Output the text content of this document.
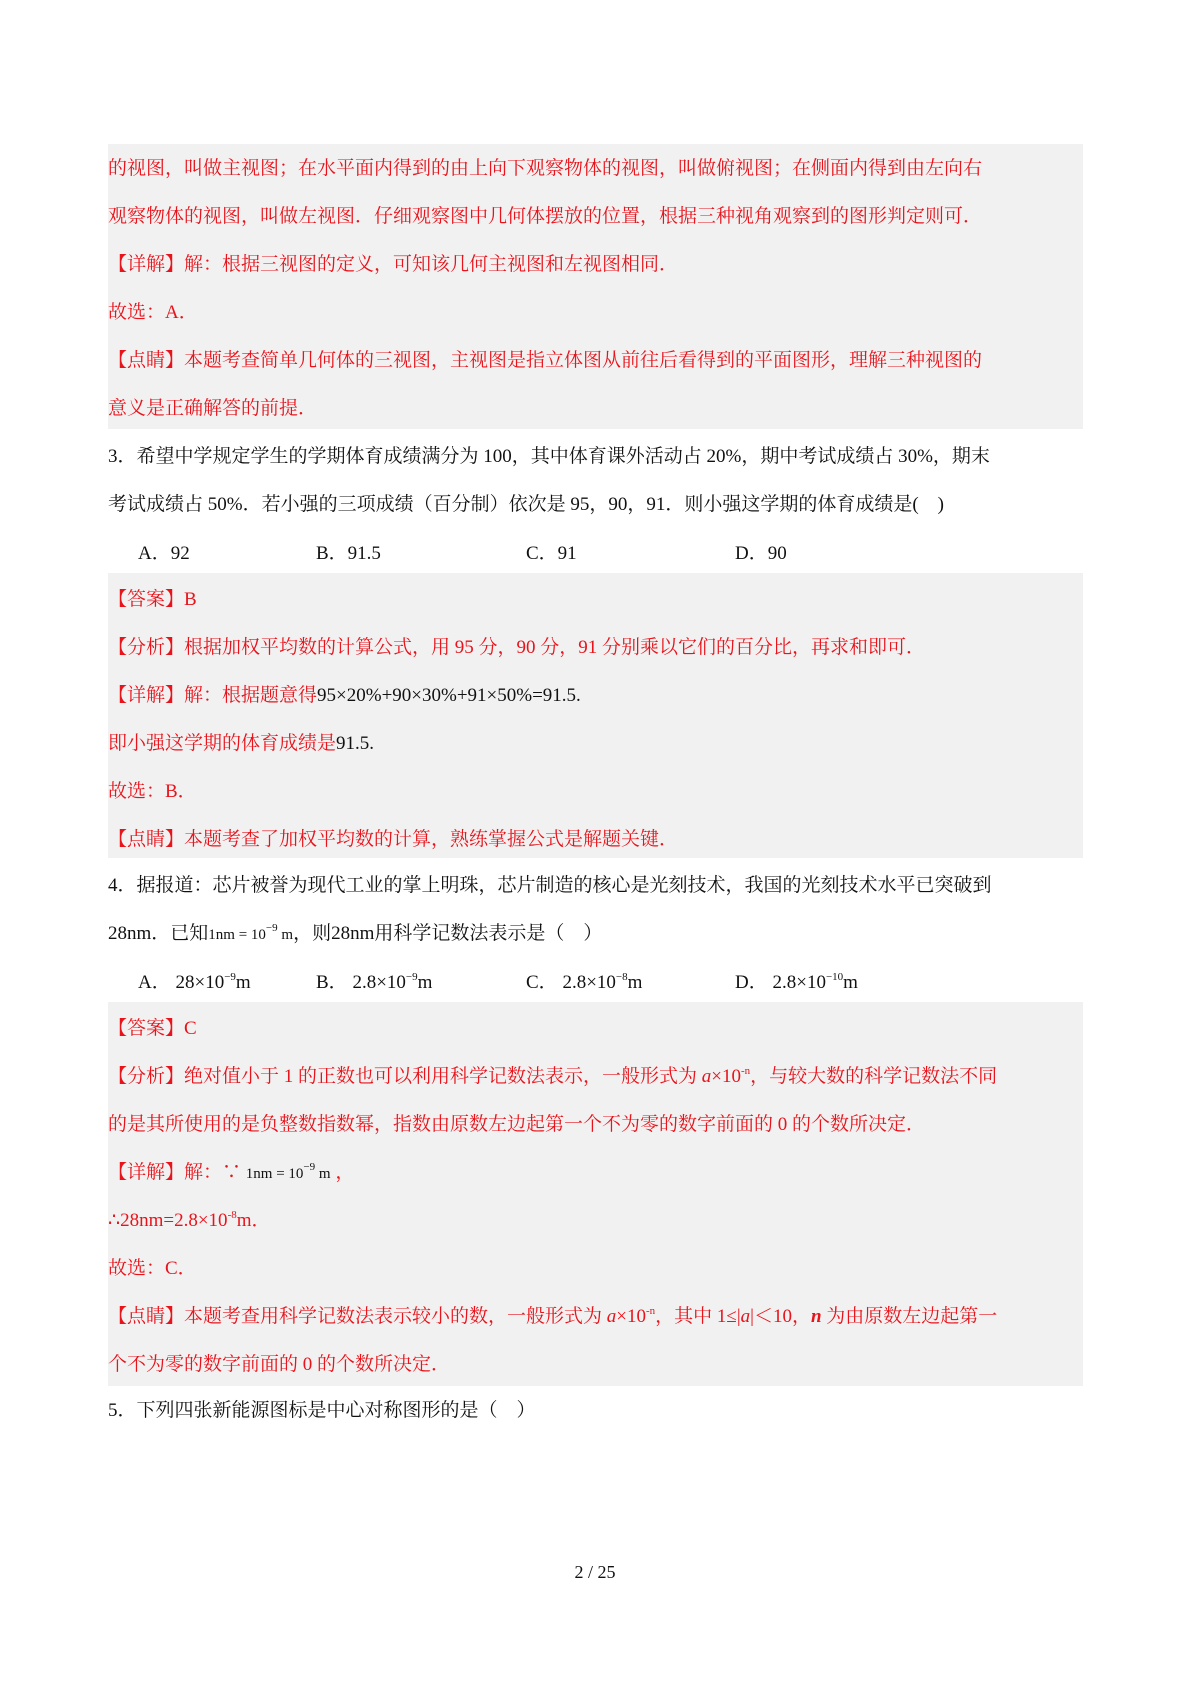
的视图，叫做主视图；在水平面内得到的由上向下观察物体的视图，叫做俯视图；在侧面内得到由左向右
观察物体的视图，叫做左视图．仔细观察图中几何体摆放的位置，根据三种视角观察到的图形判定则可．
【详解】解：根据三视图的定义，可知该几何主视图和左视图相同．
故选：A．
【点睛】本题考查简单几何体的三视图，主视图是指立体图从前往后看得到的平面图形，理解三种视图的
意义是正确解答的前提．
3．希望中学规定学生的学期体育成绩满分为 100，其中体育课外活动占 20%，期中考试成绩占 30%，期末
考试成绩占 50%．若小强的三项成绩（百分制）依次是 95，90，91．则小强这学期的体育成绩是(　)
A．92	B．91.5	C．91	D．90
【答案】B
【分析】根据加权平均数的计算公式，用 95 分，90 分，91 分别乘以它们的百分比，再求和即可．
【详解】解：根据题意得95×20%+90×30%+91×50%=91.5.
即小强这学期的体育成绩是91.5.
故选：B．
【点睛】本题考查了加权平均数的计算，熟练掌握公式是解题关键．
4．据报道：芯片被誉为现代工业的掌上明珠，芯片制造的核心是光刻技术，我国的光刻技术水平已突破到
28nm．已知$1nm = 10^{-9}$ m，则28nm用科学记数法表示是（　）
A． $28\times 10^{-9}m$	B． $2.8\times 10^{-9}m$	C． $2.8\times 10^{-8}m$	D． $2.8\times 10^{-10}m$
【答案】C
【分析】绝对值小于 1 的正数也可以利用科学记数法表示，一般形式为 $a\times 10^{-n}$，与较大数的科学记数法不同
的是其所使用的是负整数指数幂，指数由原数左边起第一个不为零的数字前面的 0 的个数所决定．
【详解】解：∵ $1nm = 10^{-9}$ m ，
$\therefore 28nm=2.8\times 10^{-8}m$．
故选：C．
【点睛】本题考查用科学记数法表示较小的数，一般形式为 $a\times 10^{-n}$，其中 1≤|a|＜10，n 为由原数左边起第一
个不为零的数字前面的 0 的个数所决定．
5．下列四张新能源图标是中心对称图形的是（　）
2 / 25
